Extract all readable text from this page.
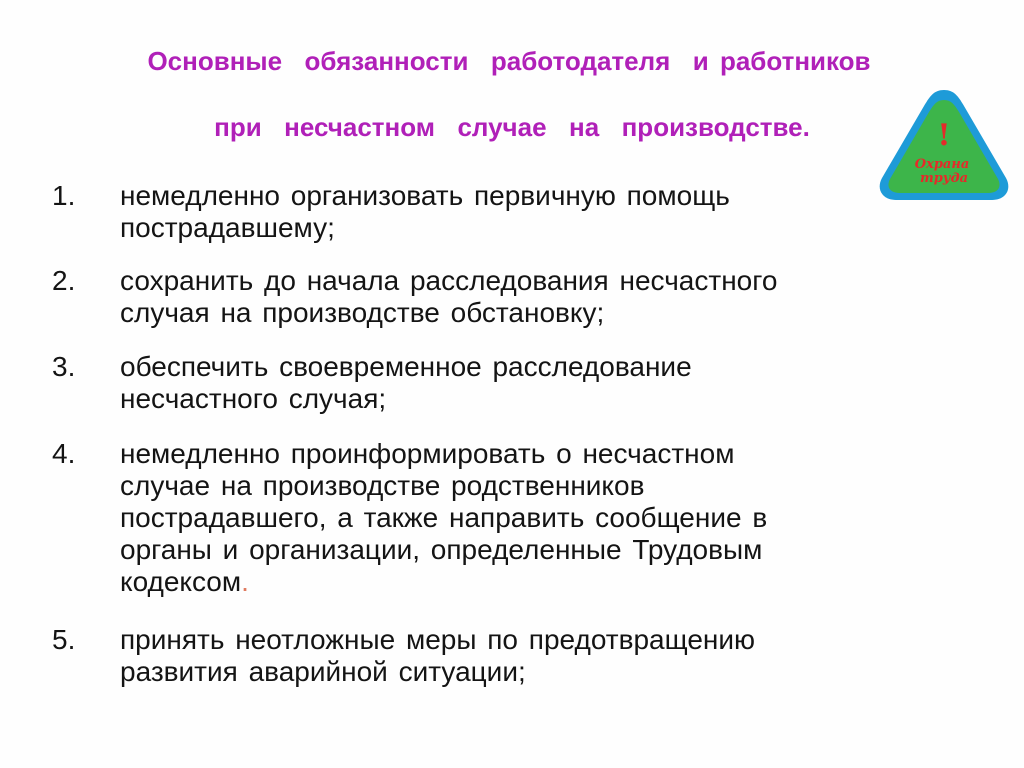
Основные  обязанности  работодателя  и работников
при  несчастном  случае  на  производстве.	!
Охрана
труда
1. немедленно организовать первичную помощь
пострадавшему;
2. сохранить до начала расследования несчастного
случая на производстве обстановку;
3. обеспечить своевременное расследование
несчастного случая;
4. немедленно проинформировать о несчастном
случае на производстве родственников
пострадавшего, а также направить сообщение в
органы и организации, определенные Трудовым
кодексом.
5. принять неотложные меры по предотвращению
развития аварийной ситуации;
